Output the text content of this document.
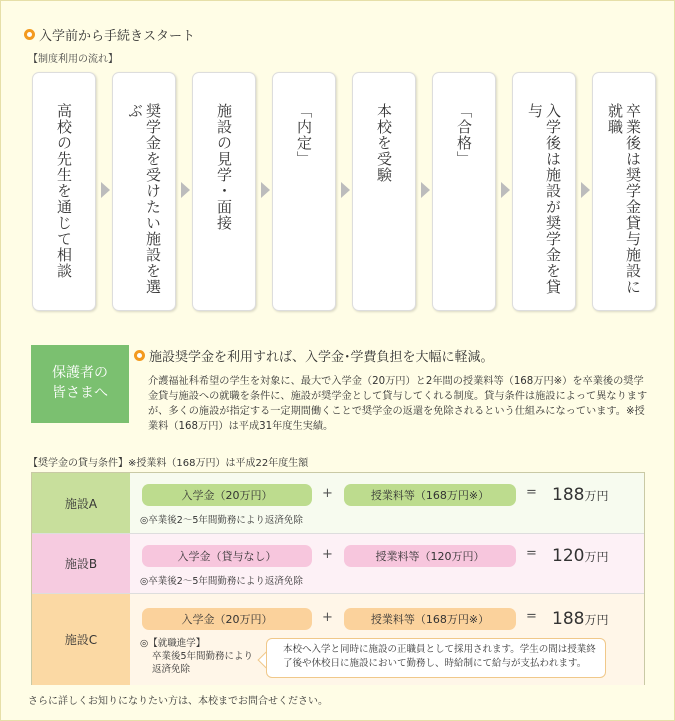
入学前から手続きスタート
【制度利用の流れ】
高校の先生を通じて相談	奨学金を受けたい施設を選ぶ	施設の見学・面接	「内定」	本校を受験	「合格」	入学後は施設が奨学金を貸与	卒業後は奨学金貸与施設に就職
保護者の
皆さまへ
施設奨学金を利用すれば、入学金･学費負担を大幅に軽減。
介護福祉科希望の学生を対象に、最大で入学金（20万円）と2年間の授業料等（168万円※）を卒業後の奨学金貸与施設への就職を条件に、施設が奨学金として貸与してくれる制度。貸与条件は施設によって異なりますが、多くの施設が指定する一定期間働くことで奨学金の返還を免除されるという仕組みになっています。※授業料（168万円）は平成31年度生実績。
【奨学金の貸与条件】※授業料（168万円）は平成22年度生額
施設A
入学金（20万円）	+	授業料等（168万円※）	= 188万円
◎卒業後2～5年間勤務により返済免除
施設B
入学金（貸与なし）	+	授業料等（120万円）	= 120万円
◎卒業後2～5年間勤務により返済免除
施設C
入学金（20万円）	+	授業料等（168万円※）	= 188万円
◎【就職進学】
卒業後5年間勤務により
返済免除
本校へ入学と同時に施設の正職員として採用されます。学生の間は授業終了後や休校日に施設において勤務し、時給制にて給与が支払われます。
さらに詳しくお知りになりたい方は、本校までお問合せください。
